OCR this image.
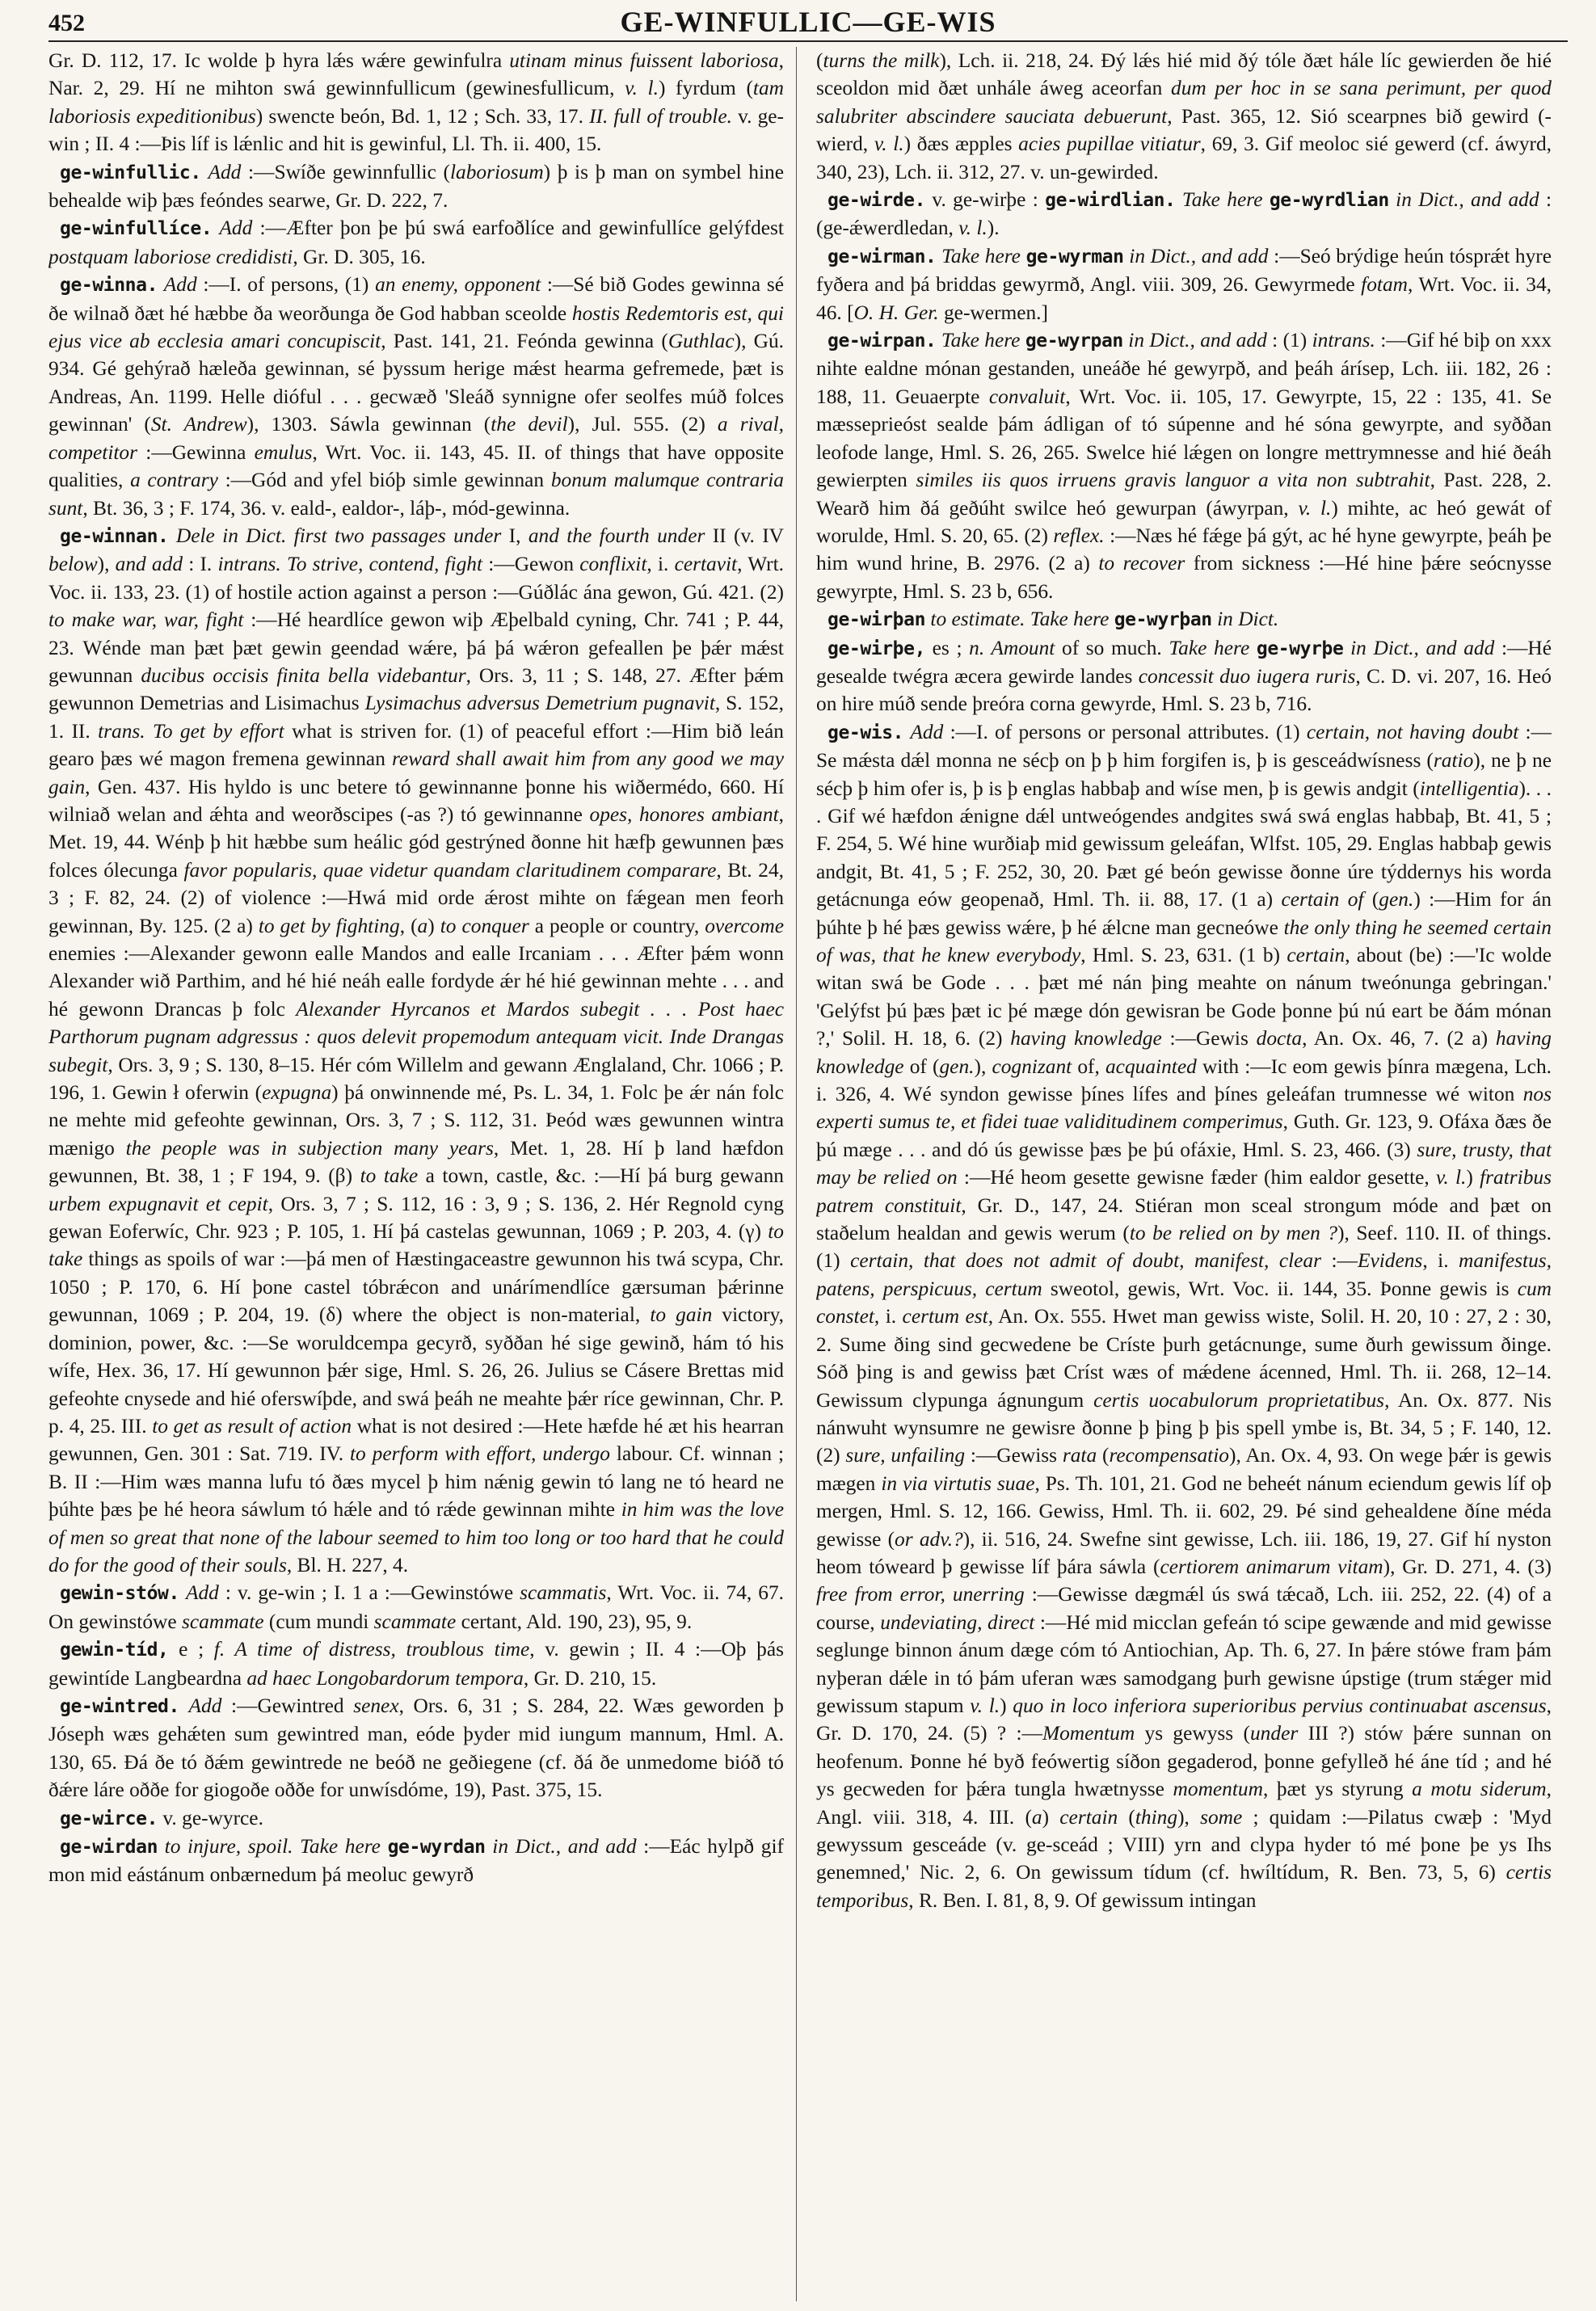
452	GE-WINFULLIC—GE-WIS

Gr. D. 112, 17. Ic wolde þ hyra lǽs wǽre gewinfulra utinam minus fuissent laboriosa, Nar. 2, 29. Hí ne mihton swá gewinnfullicum (gewinesfullicum, v. l.) fyrdum (tam laboriosis expeditionibus) swencte beón, Bd. 1, 12 ; Sch. 33, 17. II. full of trouble. v. ge-win ; II. 4 :—Þis líf is lǽnlic and hit is gewinful, Ll. Th. ii. 400, 15.

ge-winfullic. Add :—Swíðe gewinnfullic (laboriosum) þ is þ man on symbel hine behealde wiþ þæs feóndes searwe, Gr. D. 222, 7.

ge-winfullíce. Add :—Æfter þon þe þú swá earfoðlíce and gewinfullíce gelýfdest postquam laboriose credidisti, Gr. D. 305, 16.

ge-winna. Add :—I. of persons, (1) an enemy, opponent :—Sé bið Godes gewinna sé ðe wilnað ðæt hé hæbbe ða weorðunga ðe God habban sceolde hostis Redemtoris est, qui ejus vice ab ecclesia amari concupiscit, Past. 141, 21. Feónda gewinna (Guthlac), Gú. 934. Gé gehýrað hæleða gewinnan, sé þyssum herige mǽst hearma gefremede, þæt is Andreas, An. 1199. Helle dióful . . . gecwæð 'Sleáð synnigne ofer seolfes múð folces gewinnan' (St. Andrew), 1303. Sáwla gewinnan (the devil), Jul. 555. (2) a rival, competitor :—Gewinna emulus, Wrt. Voc. ii. 143, 45. II. of things that have opposite qualities, a contrary :—Gód and yfel bióþ simle gewinnan bonum malumque contraria sunt, Bt. 36, 3 ; F. 174, 36. v. eald-, ealdor-, láþ-, mód-gewinna.

ge-winnan. Dele in Dict. first two passages under I, and the fourth under II (v. IV below), and add : I. intrans. To strive, contend, fight :—Gewon conflixit, i. certavit, Wrt. Voc. ii. 133, 23. (1) of hostile action against a person :—Gúðlác ána gewon, Gú. 421. (2) to make war, war, fight :—Hé heardlíce gewon wiþ Æþelbald cyning, Chr. 741 ; P. 44, 23. Wénde man þæt þæt gewin geendad wǽre, þá þá wǽron gefeallen þe þǽr mǽst gewunnan ducibus occisis finita bella videbantur, Ors. 3, 11 ; S. 148, 27. Æfter þǽm gewunnon Demetrias and Lisimachus Lysimachus adversus Demetrium pugnavit, S. 152, 1. II. trans. To get by effort what is striven for. (1) of peaceful effort :—Him bið leán gearo þæs wé magon fremena gewinnan reward shall await him from any good we may gain, Gen. 437. His hyldo is unc betere tó gewinnanne þonne his wiðermédo, 660. Hí wilniað welan and ǽhta and weorðscipes (-as ?) tó gewinnanne opes, honores ambiant, Met. 19, 44. Wénþ þ hit hæbbe sum heálic gód gestrýned ðonne hit hæfþ gewunnen þæs folces ólecunga favor popularis, quae videtur quandam claritudinem comparare, Bt. 24, 3 ; F. 82, 24. (2) of violence :—Hwá mid orde ǽrost mihte on fǽgean men feorh gewinnan, By. 125. (2 a) to get by fighting, (a) to conquer a people or country, overcome enemies :—Alexander gewonn ealle Mandos and ealle Ircaniam . . . Æfter þǽm wonn Alexander wið Parthim, and hé hié neáh ealle fordyde ǽr hé hié gewinnan mehte . . . and hé gewonn Drancas þ folc Alexander Hyrcanos et Mardos subegit . . . Post haec Parthorum pugnam adgressus : quos delevit propemodum antequam vicit. Inde Drangas subegit, Ors. 3, 9 ; S. 130, 8–15. Hér cóm Willelm and gewann Ænglaland, Chr. 1066 ; P. 196, 1. Gewin ł oferwin (expugna) þá onwinnende mé, Ps. L. 34, 1. Folc þe ǽr nán folc ne mehte mid gefeohte gewinnan, Ors. 3, 7 ; S. 112, 31. Þeód wæs gewunnen wintra mænigo the people was in subjection many years, Met. 1, 28. Hí þ land hæfdon gewunnen, Bt. 38, 1 ; F 194, 9. (β) to take a town, castle, &c. :—Hí þá burg gewann urbem expugnavit et cepit, Ors. 3, 7 ; S. 112, 16 : 3, 9 ; S. 136, 2. Hér Regnold cyng gewan Eoferwíc, Chr. 923 ; P. 105, 1. Hí þá castelas gewunnan, 1069 ; P. 203, 4. (γ) to take things as spoils of war :—þá men of Hæstingaceastre gewunnon his twá scypa, Chr. 1050 ; P. 170, 6. Hí þone castel tóbrǽcon and unárímendlíce gærsuman þǽrinne gewunnan, 1069 ; P. 204, 19. (δ) where the object is non-material, to gain victory, dominion, power, &c. :—Se woruldcempa gecyrð, syððan hé sige gewinð, hám tó his wífe, Hex. 36, 17. Hí gewunnon þǽr sige, Hml. S. 26, 26. Julius se Cásere Brettas mid gefeohte cnysede and hié oferswíþde, and swá þeáh ne meahte þǽr ríce gewinnan, Chr. P. p. 4, 25. III. to get as result of action what is not desired :—Hete hæfde hé æt his hearran gewunnen, Gen. 301 : Sat. 719. IV. to perform with effort, undergo labour. Cf. winnan ; B. II :—Him wæs manna lufu tó ðæs mycel þ him nǽnig gewin tó lang ne tó heard ne þúhte þæs þe hé heora sáwlum tó hǽle and tó rǽde gewinnan mihte in him was the love of men so great that none of the labour seemed to him too long or too hard that he could do for the good of their souls, Bl. H. 227, 4.

gewin-stów. Add : v. ge-win ; I. 1 a :—Gewinstówe scammatis, Wrt. Voc. ii. 74, 67. On gewinstówe scammate (cum mundi scammate certant, Ald. 190, 23), 95, 9.

gewin-tíd, e ; f. A time of distress, troublous time, v. gewin ; II. 4 :—Oþ þás gewintíde Langbeardna ad haec Longobardorum tempora, Gr. D. 210, 15.

ge-wintred. Add :—Gewintred senex, Ors. 6, 31 ; S. 284, 22. Wæs geworden þ Jóseph wæs gehǽten sum gewintred man, eóde þyder mid iungum mannum, Hml. A. 130, 65. Ðá ðe tó ðǽm gewintrede ne beóð ne geðiegene (cf. ðá ðe unmedome bióð tó ðǽre láre oððe for giogoðe oððe for unwísdóme, 19), Past. 375, 15.

ge-wirce. v. ge-wyrce.

ge-wirdan to injure, spoil. Take here ge-wyrdan in Dict., and add :—Eác hylpð gif mon mid eástánum onbærnedum þá meoluc gewyrð

(turns the milk), Lch. ii. 218, 24. Ðý lǽs hié mid ðý tóle ðæt hále líc gewierden ðe hié sceoldon mid ðæt unhále áweg aceorfan dum per hoc in se sana perimunt, per quod salubriter abscindere sauciata debuerunt, Past. 365, 12. Sió scearpnes bið gewird (-wierd, v. l.) ðæs æpples acies pupillae vitiatur, 69, 3. Gif meoloc sié gewerd (cf. áwyrd, 340, 23), Lch. ii. 312, 27. v. un-gewirded.

ge-wirde. v. ge-wirþe : ge-wirdlian. Take here ge-wyrdlian in Dict., and add : (ge-ǽwerdledan, v. l.).

ge-wirman. Take here ge-wyrman in Dict., and add :—Seó brýdige heún tósprǽt hyre fyðera and þá briddas gewyrmð, Angl. viii. 309, 26. Gewyrmede fotam, Wrt. Voc. ii. 34, 46. [O. H. Ger. ge-wermen.]

ge-wirpan. Take here ge-wyrpan in Dict., and add : (1) intrans. :—Gif hé biþ on xxx nihte ealdne mónan gestanden, uneáðe hé gewyrpð, and þeáh árísep, Lch. iii. 182, 26 : 188, 11. Geuaerpte convaluit, Wrt. Voc. ii. 105, 17. Gewyrpte, 15, 22 : 135, 41. Se mæsseprieóst sealde þám ádligan of tó súpenne and hé sóna gewyrpte, and syððan leofode lange, Hml. S. 26, 265. Swelce hié lǽgen on longre mettrymnesse and hié ðeáh gewierpten similes iis quos irruens gravis languor a vita non subtrahit, Past. 228, 2. Wearð him ðá geðúht swilce heó gewurpan (áwyrpan, v. l.) mihte, ac heó gewát of worulde, Hml. S. 20, 65. (2) reflex. :—Næs hé fǽge þá gýt, ac hé hyne gewyrpte, þeáh þe him wund hrine, B. 2976. (2 a) to recover from sickness :—Hé hine þǽre seócnysse gewyrpte, Hml. S. 23 b, 656.

ge-wirþan to estimate. Take here ge-wyrþan in Dict.

ge-wirþe, es ; n. Amount of so much. Take here ge-wyrþe in Dict., and add :—Hé gesealde twégra æcera gewirde landes concessit duo iugera ruris, C. D. vi. 207, 16. Heó on hire múð sende þreóra corna gewyrde, Hml. S. 23 b, 716.

ge-wis. Add :—I. of persons or personal attributes. (1) certain, not having doubt :—Se mǽsta dǽl monna ne sécþ on þ þ him forgifen is, þ is gesceádwísness (ratio), ne þ ne sécþ þ him ofer is, þ is þ englas habbaþ and wíse men, þ is gewis andgit (intelligentia). . . . Gif wé hæfdon ǽnigne dǽl untweógendes andgites swá swá englas habbaþ, Bt. 41, 5 ; F. 254, 5. Wé hine wurðiaþ mid gewissum geleáfan, Wlfst. 105, 29. Englas habbaþ gewis andgit, Bt. 41, 5 ; F. 252, 30, 20. Þæt gé beón gewisse ðonne úre týddernys his worda getácnunga eów geopenað, Hml. Th. ii. 88, 17. (1 a) certain of (gen.) :—Him for án þúhte þ hé þæs gewiss wǽre, þ hé ǽlcne man gecneówe the only thing he seemed certain of was, that he knew everybody, Hml. S. 23, 631. (1 b) certain, about (be) :—'Ic wolde witan swá be Gode . . . þæt mé nán þing meahte on nánum tweónunga gebringan.' 'Gelýfst þú þæs þæt ic þé mæge dón gewisran be Gode þonne þú nú eart be ðám mónan ?,' Solil. H. 18, 6. (2) having knowledge :—Gewis docta, An. Ox. 46, 7. (2 a) having knowledge of (gen.), cognizant of, acquainted with :—Ic eom gewis þínra mægena, Lch. i. 326, 4. Wé syndon gewisse þínes lífes and þínes geleáfan trumnesse wé witon nos experti sumus te, et fidei tuae validitudinem comperimus, Guth. Gr. 123, 9. Ofáxa ðæs ðe þú mæge . . . and dó ús gewisse þæs þe þú ofáxie, Hml. S. 23, 466. (3) sure, trusty, that may be relied on :—Hé heom gesette gewisne fæder (him ealdor gesette, v. l.) fratribus patrem constituit, Gr. D., 147, 24. Stiéran mon sceal strongum móde and þæt on staðelum healdan and gewis werum (to be relied on by men ?), Seef. 110. II. of things. (1) certain, that does not admit of doubt, manifest, clear :—Evidens, i. manifestus, patens, perspicuus, certum sweotol, gewis, Wrt. Voc. ii. 144, 35. Þonne gewis is cum constet, i. certum est, An. Ox. 555. Hwet man gewiss wiste, Solil. H. 20, 10 : 27, 2 : 30, 2. Sume ðing sind gecwedene be Críste þurh getácnunge, sume ðurh gewissum ðinge. Sóð þing is and gewiss þæt Críst wæs of mǽdene ácenned, Hml. Th. ii. 268, 12–14. Gewissum clypunga ágnungum certis uocabulorum proprietatibus, An. Ox. 877. Nis nánwuht wynsumre ne gewisre ðonne þ þing þ þis spell ymbe is, Bt. 34, 5 ; F. 140, 12. (2) sure, unfailing :—Gewiss rata (recompensatio), An. Ox. 4, 93. On wege þǽr is gewis mægen in via virtutis suae, Ps. Th. 101, 21. God ne beheét nánum eciendum gewis líf oþ mergen, Hml. S. 12, 166. Gewiss, Hml. Th. ii. 602, 29. Þé sind gehealdene ðíne méda gewisse (or adv.?), ii. 516, 24. Swefne sint gewisse, Lch. iii. 186, 19, 27. Gif hí nyston heom tóweard þ gewisse líf þára sáwla (certiorem animarum vitam), Gr. D. 271, 4. (3) free from error, unerring :—Gewisse dægmǽl ús swá tǽcað, Lch. iii. 252, 22. (4) of a course, undeviating, direct :—Hé mid micclan gefeán tó scipe gewænde and mid gewisse seglunge binnon ánum dæge cóm tó Antiochian, Ap. Th. 6, 27. In þǽre stówe fram þám nyþeran dǽle in tó þám uferan wæs samodgang þurh gewisne úpstige (trum stǽger mid gewissum stapum v. l.) quo in loco inferiora superioribus pervius continuabat ascensus, Gr. D. 170, 24. (5) ? :—Momentum ys gewyss (under III ?) stów þǽre sunnan on heofenum. Þonne hé byð feówertig síðon gegaderod, þonne gefylleð hé áne tíd ; and hé ys gecweden for þǽra tungla hwætnysse momentum, þæt ys styrung a motu siderum, Angl. viii. 318, 4. III. (a) certain (thing), some ; quidam :—Pilatus cwæþ : 'Myd gewyssum gesceáde (v. ge-sceád ; VIII) yrn and clypa hyder tó mé þone þe ys Ihs genemned,' Nic. 2, 6. On gewissum tídum (cf. hwíltídum, R. Ben. 73, 5, 6) certis temporibus, R. Ben. I. 81, 8, 9. Of gewissum intingan
